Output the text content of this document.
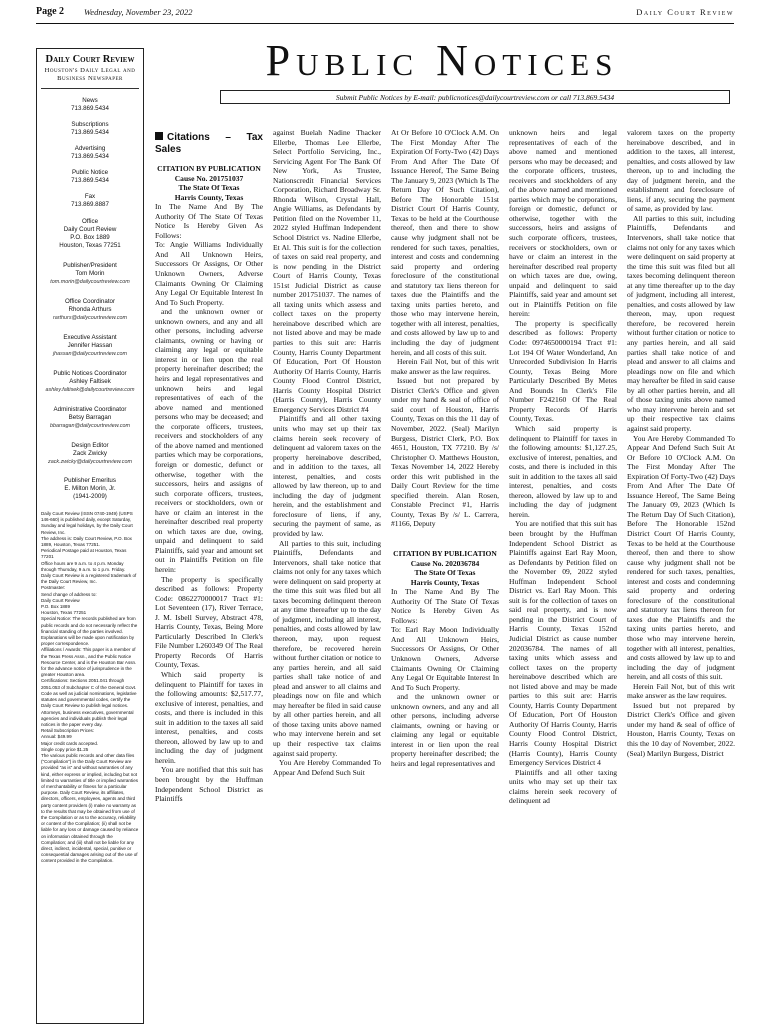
Page 2 Wednesday, November 23, 2022	Daily Court Review
Daily Court Review
Houston's Daily Legal and Business Newspaper
News
713.869.5434
Subscriptions
713.869.5434
Advertising
713.869.5434
Public Notice
713.869.5434
Fax
713.869.8887
Office
Daily Court Review
P.O. Box 1889
Houston, Texas 77251
Publisher/President
Tom Morin
tom.morin@dailycourtreview.com
Office Coordinator
Rhonda Arthurs
rarthurs@dailycourtreview.com
Executive Assistant
Jennifer Hassan
jhassan@dailycourtreview.com
Public Notices Coordinator
Ashley Faltisek
ashley.faltisek@dailycourtreview.com
Administrative Coordinator
Betsy Barragan
bbarragan@dailycourtreview.com
Design Editor
Zack Zwicky
zack.zwicky@dailycourtreview.com
Publisher Emeritus
E. Milton Morin, Jr.
(1941-2009)
Daily Court Review (ISSN 0740-1949) (USPS 146-660) is published daily, except Saturday, Sunday and legal holidays, by the Daily Court Review, Inc.
The address is: Daily Court Review, P.O. Box 1889, Houston, Texas 77251.
Periodical Postage paid at Houston, Texas 77201
Office hours are 9 a.m. to 4 p.m. Monday through Thursday, 9 a.m. to 1 p.m. Friday.
Daily Court Review is a registered trademark of the Daily Court Review, Inc.
Postmaster:
Send change of address to:
Daily Court Review
P.O. Box 1889
Houston, Texas 77251
Special Notice: The records published are from public records and do not necessarily reflect the financial standing of the parties involved. Explanations will be made upon notification by proper correspondence.
Affiliations / Awards: This paper is a member of the Texas Press Assn., and the Public Notice Resource Center, and is the Houston Bar Assn. for the advance notice of jurisprudence in the greater Houston area.
Certifications: Sections 2051.041 through 2051.053 of Subchapter C of the General Govt. Code as well as judicial nominations, legislative statutes and governmental codes, certify the Daily Court Review to publish legal notices. Attorneys, business executives, governmental agencies and individuals publish their legal notices in the paper every day.
Retail Subscription Prices:
Annual: $49.99
Major credit cards accepted.
Single copy price $1.25
The various public records and other data files ("Compilation") in the Daily Court Review are provided "as is" and without warranties of any kind, either express or implied, including but not limited to warranties of title or implied warranties of merchantability or fitness for a particular purpose. Daily Court Review, its affiliates, directors, officers, employees, agents and third party content providers (i) make no warranty as to the results that may be obtained from use of the Compilation or as to the accuracy, reliability or content of the Compilation; (ii) shall not be liable for any loss or damage caused by reliance on information obtained through the Compilation; and (iii) shall not be liable for any direct, indirect, incidental, special, punitive or consequential damages arising out of the use of content provided in the Compilation.
Public Notices
Submit Public Notices by E-mail: publicnotices@dailycourtreview.com or call 713.869.5434
Citations – Tax Sales

CITATION BY PUBLICATION

Cause No. 201751037

The State Of Texas

Harris County, Texas

In The Name And By The Authority Of The State Of Texas Notice Is Hereby Given As Follows:

To: Angie Williams Individually And All Unknown Heirs, Successors Or Assigns, Or Other Unknown Owners, Adverse Claimants Owning Or Claiming Any Legal Or Equitable Interest In And To Such Property.

and the unknown owner or unknown owners, and any and all other persons, including adverse claimants, owning or having or claiming any legal or equitable interest in or lien upon the real property hereinafter described; the heirs and legal representatives and unknown heirs and legal representatives of each of the above named and mentioned persons who may be deceased; and the corporate officers, trustees, receivers and stockholders of any of the above named and mentioned parties which may be corporations, foreign or domestic, defunct or otherwise, together with the successors, heirs and assigns of such corporate officers, trustees, receivers or stockholders, own or have or claim an interest in the hereinafter described real property on which taxes are due, owing, unpaid and delinquent to said Plaintiffs, said year and amount set out in Plaintiffs Petition on file herein:

The property is specifically described as follows: Property Code: 0862270000017 Tract #1: Lot Seventeen (17), River Terrace, J. M. Isbell Survey, Abstract 478, Harris County, Texas, Being More Particularly Described In Clerk's File Number L260349 Of The Real Property Records Of Harris County, Texas.

Which said property is delinquent to Plaintiff for taxes in the following amounts: $2,517.77, exclusive of interest, penalties, and costs, and there is included in this suit in addition to the taxes all said interest, penalties, and costs thereon, allowed by law up to and including the day of judgment herein.

You are notified that this suit has been brought by the Huffman Independent School District as Plaintiffs

against Buelah Nadine Thacker Ellerbe, Thomas Lee Ellerbe, Select Portfolio Servicing, Inc., Servicing Agent For The Bank Of New York, As Trustee, Nationscredit Financial Services Corporation, Richard Broadway Sr. Rhonda Wilson, Crystal Hall, Angie Williams, as Defendants by Petition filed on the November 11, 2022 styled Huffman Independent School District vs. Nadine Ellerbe, Et Al. This suit is for the collection of taxes on said real property, and is now pending in the District Court of Harris County, Texas 151st Judicial District as cause number 201751037. The names of all taxing units which assess and collect taxes on the property hereinabove described which are not listed above and may be made parties to this suit are: Harris County, Harris County Department Of Education, Port Of Houston Authority Of Harris County, Harris County Flood Control District, Harris County Hospital District (Harris County), Harris County Emergency Services District #4

Plaintiffs and all other taxing units who may set up their tax claims herein seek recovery of delinquent ad valorem taxes on the property hereinabove described, and in addition to the taxes, all interest, penalties, and costs allowed by law thereon, up to and including the day of judgment herein, and the establishment and foreclosure of liens, if any, securing the payment of same, as provided by law.

All parties to this suit, including Plaintiffs, Defendants and Intervenors, shall take notice that claims not only for any taxes which were delinquent on said property at the time this suit was filed but all taxes becoming delinquent thereon at any time thereafter up to the day of judgment, including all interest, penalties, and costs allowed by law thereon, may, upon request therefore, be recovered herein without further citation or notice to any parties herein, and all said parties shall take notice of and plead and answer to all claims and pleadings now on file and which may hereafter be filed in said cause by all other parties herein, and all of those taxing units above named who may intervene herein and set up their respective tax claims against said property.

You Are Hereby Commanded To Appear And Defend Such Suit

At Or Before 10 O'Clock A.M. On The First Monday After The Expiration Of Forty-Two (42) Days From And After The Date Of Issuance Hereof, The Same Being The January 9, 2023 (Which Is The Return Day Of Such Citation), Before The Honorable 151st District Court Of Harris County, Texas to be held at the Courthouse thereof, then and there to show cause why judgment shall not be rendered for such taxes, penalties, interest and costs and condemning said property and ordering foreclosure of the constitutional and statutory tax liens thereon for taxes due the Plaintiffs and the taxing units parties hereto, and those who may intervene herein, together with all interest, penalties, and costs allowed by law up to and including the day of judgment herein, and all costs of this suit.

Herein Fail Not, but of this writ make answer as the law requires.

Issued but not prepared by District Clerk's Office and given under my hand & seal of office of said court of Houston, Harris County, Texas on this the 11 day of November, 2022. (Seal) Marilyn Burgess, District Clerk, P.O. Box 4651, Houston, TX 77210. By /s/ Christopher O. Matthews Houston, Texas November 14, 2022 Hereby order this writ published in the Daily Court Review for the time specified therein. Alan Rosen, Constable Precinct #1, Harris County, Texas By /s/ L. Carrera, #1166, Deputy

CITATION BY PUBLICATION

Cause No. 202036784

The State Of Texas

Harris County, Texas

In The Name And By The Authority Of The State Of Texas Notice Is Hereby Given As Follows:

To: Earl Ray Moon Individually And All Unknown Heirs, Successors Or Assigns, Or Other Unknown Owners, Adverse Claimants Owning Or Claiming Any Legal Or Equitable Interest In And To Such Property.

and the unknown owner or unknown owners, and any and all other persons, including adverse claimants, owning or having or claiming any legal or equitable interest in or lien upon the real property hereinafter described; the heirs and legal representatives and

unknown heirs and legal representatives of each of the above named and mentioned persons who may be deceased; and the corporate officers, trustees, receivers and stockholders of any of the above named and mentioned parties which may be corporations, foreign or domestic, defunct or otherwise, together with the successors, heirs and assigns of such corporate officers, trustees, receivers or stockholders, own or have or claim an interest in the hereinafter described real property on which taxes are due, owing, unpaid and delinquent to said Plaintiffs, said year and amount set out in Plaintiffs Petition on file herein:

The property is specifically described as follows: Property Code: 0974650000194 Tract #1: Lot 194 Of Water Wonderland, An Unrecorded Subdivision In Harris County, Texas Being More Particularly Described By Metes And Bounds In Clerk's File Number F242160 Of The Real Property Records Of Harris County, Texas.

Which said property is delinquent to Plaintiff for taxes in the following amounts: $1,127.25, exclusive of interest, penalties, and costs, and there is included in this suit in addition to the taxes all said interest, penalties, and costs thereon, allowed by law up to and including the day of judgment herein.

You are notified that this suit has been brought by the Huffman Independent School District as Plaintiffs against Earl Ray Moon, as Defendants by Petition filed on the November 09, 2022 styled Huffman Independent School District vs. Earl Ray Moon. This suit is for the collection of taxes on said real property, and is now pending in the District Court of Harris County, Texas 152nd Judicial District as cause number 202036784. The names of all taxing units which assess and collect taxes on the property hereinabove described which are not listed above and may be made parties to this suit are: Harris County, Harris County Department Of Education, Port Of Houston Authority Of Harris County, Harris County Flood Control District, Harris County Hospital District (Harris County), Harris County Emergency Services District 4

Plaintiffs and all other taxing units who may set up their tax claims herein seek recovery of delinquent ad

valorem taxes on the property hereinabove described, and in addition to the taxes, all interest, penalties, and costs allowed by law thereon, up to and including the day of judgment herein, and the establishment and foreclosure of liens, if any, securing the payment of same, as provided by law.

All parties to this suit, including Plaintiffs, Defendants and Intervenors, shall take notice that claims not only for any taxes which were delinquent on said property at the time this suit was filed but all taxes becoming delinquent thereon at any time thereafter up to the day of judgment, including all interest, penalties, and costs allowed by law thereon, may, upon request therefore, be recovered herein without further citation or notice to any parties herein, and all said parties shall take notice of and plead and answer to all claims and pleadings now on file and which may hereafter be filed in said cause by all other parties herein, and all of those taxing units above named who may intervene herein and set up their respective tax claims against said property.

You Are Hereby Commanded To Appear And Defend Such Suit At Or Before 10 O'Clock A.M. On The First Monday After The Expiration Of Forty-Two (42) Days From And After The Date Of Issuance Hereof, The Same Being The January 09, 2023 (Which Is The Return Day Of Such Citation), Before The Honorable 152nd District Court Of Harris County, Texas to be held at the Courthouse thereof, then and there to show cause why judgment shall not be rendered for such taxes, penalties, interest and costs and condemning said property and ordering foreclosure of the constitutional and statutory tax liens thereon for taxes due the Plaintiffs and the taxing units parties hereto, and those who may intervene herein, together with all interest, penalties, and costs allowed by law up to and including the day of judgment herein, and all costs of this suit.

Herein Fail Not, but of this writ make answer as the law requires.

Issued but not prepared by District Clerk's Office and given under my hand & seal of office of Houston, Harris County, Texas on this the 10 day of November, 2022. (Seal) Marilyn Burgess, District
